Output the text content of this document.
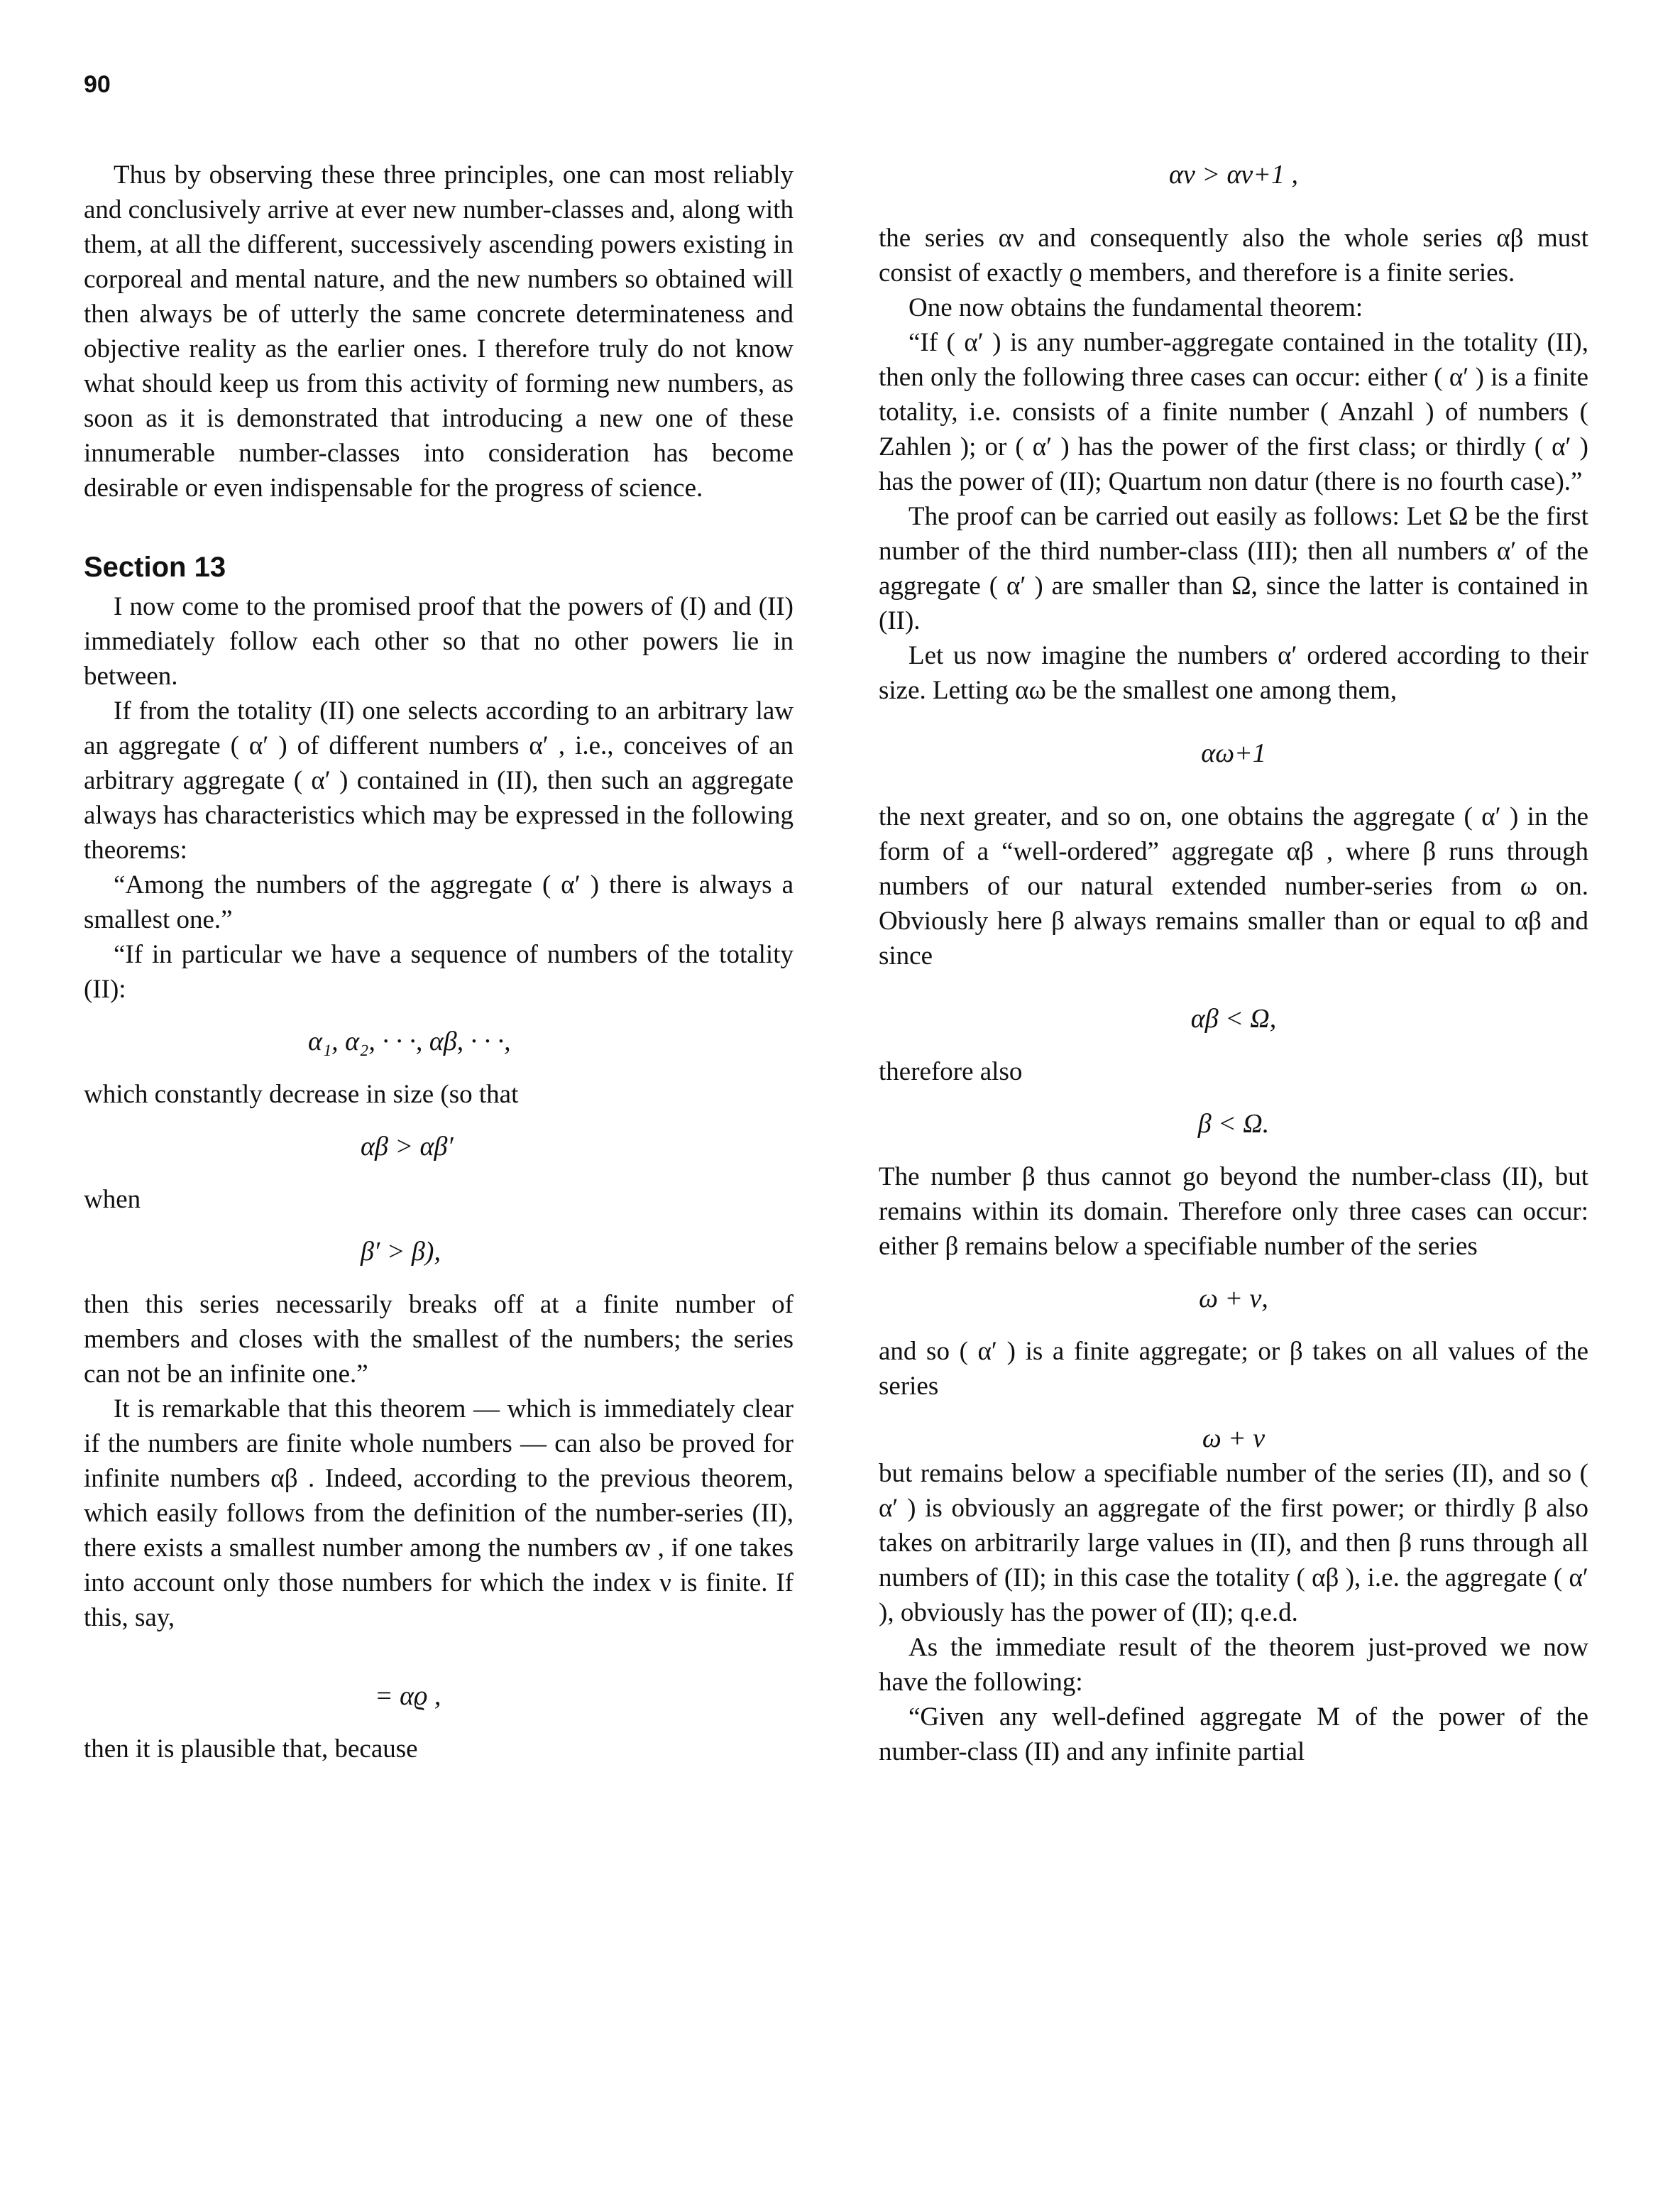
90

Thus by observing these three principles, one can most reliably and conclusively arrive at ever new number-classes and, along with them, at all the different, successively ascending powers existing in corporeal and mental nature, and the new numbers so obtained will then always be of utterly the same concrete determinateness and objective reality as the earlier ones. I therefore truly do not know what should keep us from this activity of forming new numbers, as soon as it is demonstrated that introducing a new one of these innumerable number-classes into consideration has become desirable or even indispensable for the progress of science.

Section 13

I now come to the promised proof that the powers of (I) and (II) immediately follow each other so that no other powers lie in between.

If from the totality (II) one selects according to an arbitrary law an aggregate ( α′ ) of different numbers α′ , i.e., conceives of an arbitrary aggregate ( α′ ) contained in (II), then such an aggregate always has characteristics which may be expressed in the following theorems:

“Among the numbers of the aggregate ( α′ ) there is always a smallest one.”

“If in particular we have a sequence of numbers of the totality (II):

α₁, α₂, · · ·, αβ, · · ·,

which constantly decrease in size (so that

αβ > αβ′

when

β′ > β),

then this series necessarily breaks off at a finite number of members and closes with the smallest of the numbers; the series can not be an infinite one.”

It is remarkable that this theorem — which is immediately clear if the numbers are finite whole numbers — can also be proved for infinite numbers αβ . Indeed, according to the previous theorem, which easily follows from the definition of the number-series (II), there exists a smallest number among the numbers αν , if one takes into account only those numbers for which the index ν is finite. If this, say,

= αϱ ,

then it is plausible that, because

αν > αν+1 ,

the series αν and consequently also the whole series αβ must consist of exactly ϱ members, and therefore is a finite series.

One now obtains the fundamental theorem:

“If ( α′ ) is any number-aggregate contained in the totality (II), then only the following three cases can occur: either ( α′ ) is a finite totality, i.e. consists of a finite number ( Anzahl ) of numbers ( Zahlen ); or ( α′ ) has the power of the first class; or thirdly ( α′ ) has the power of (II); Quartum non datur (there is no fourth case).”

The proof can be carried out easily as follows: Let Ω be the first number of the third number-class (III); then all numbers α′ of the aggregate ( α′ ) are smaller than Ω, since the latter is contained in (II).

Let us now imagine the numbers α′ ordered according to their size. Letting αω be the smallest one among them,

αω+1

the next greater, and so on, one obtains the aggregate ( α′ ) in the form of a “well-ordered” aggregate αβ , where β runs through numbers of our natural extended number-series from ω on. Obviously here β always remains smaller than or equal to αβ and since

αβ < Ω,

therefore also

β < Ω.

The number β thus cannot go beyond the number-class (II), but remains within its domain. Therefore only three cases can occur: either β remains below a specifiable number of the series

ω + ν,

and so ( α′ ) is a finite aggregate; or β takes on all values of the series

ω + ν

but remains below a specifiable number of the series (II), and so ( α′ ) is obviously an aggregate of the first power; or thirdly β also takes on arbitrarily large values in (II), and then β runs through all numbers of (II); in this case the totality ( αβ ), i.e. the aggregate ( α′ ), obviously has the power of (II); q.e.d.

As the immediate result of the theorem just-proved we now have the following:

“Given any well-defined aggregate M of the power of the number-class (II) and any infinite partial
